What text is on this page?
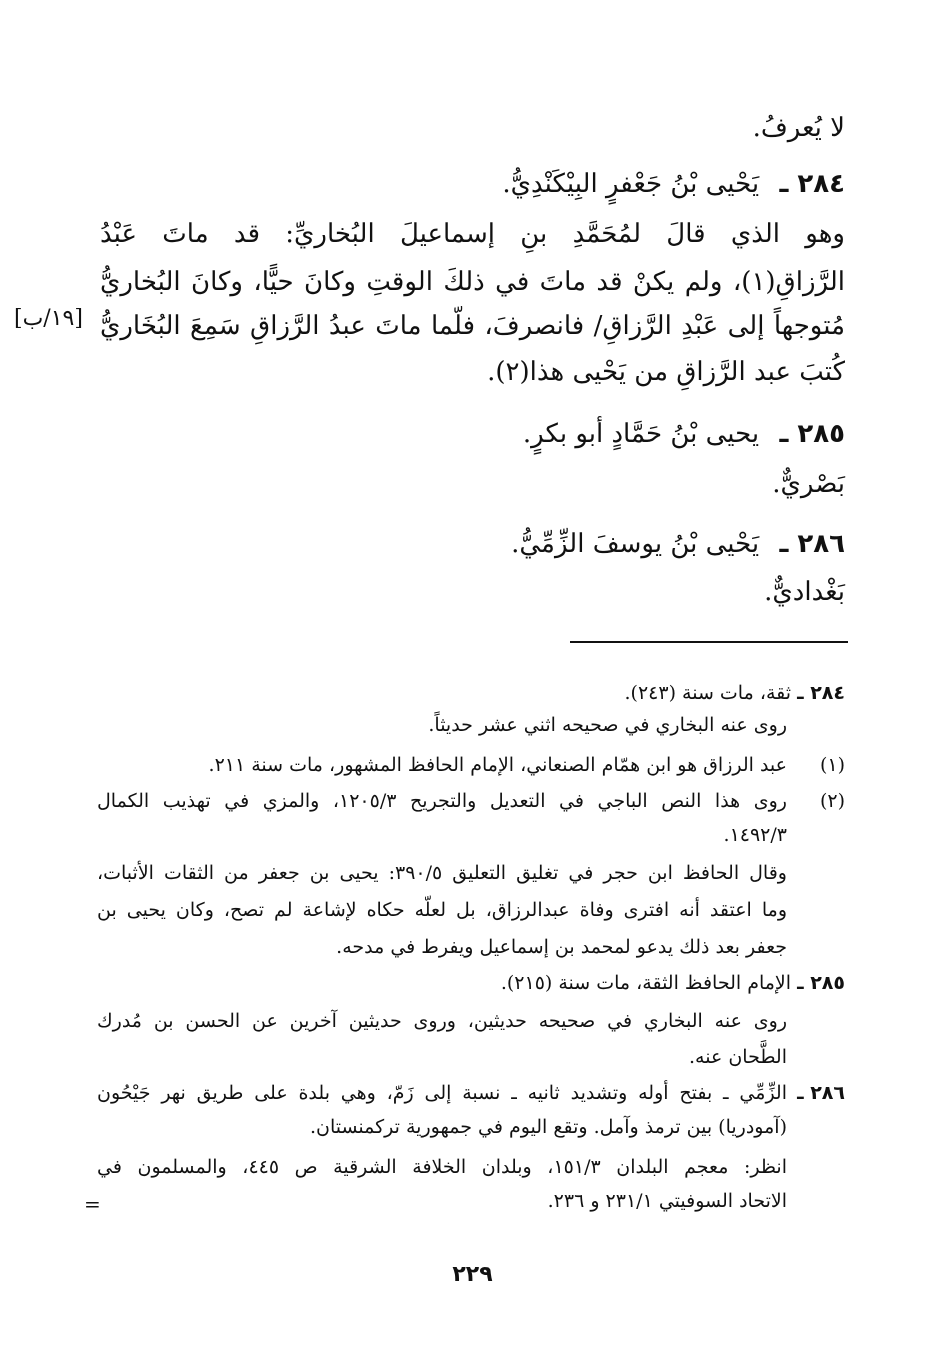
لا يُعرفُ.
٢٨٤ ـ يَحْيى بْنُ جَعْفرٍ البِيْكَنْدِيُّ.
وهو الذي قالَ لمُحَمَّدِ بنِ إسماعيلَ البُخاريِّ: قد ماتَ عَبْدُ
الرَّزاقِ(١)، ولم يكنْ قد ماتَ في ذلكَ الوقتِ وكانَ حيًّا، وكانَ البُخاريُّ
مُتوجهاً إلى عَبْدِ الرَّزاقِ/ فانصرفَ، فلّما ماتَ عبدُ الرَّزاقِ سَمِعَ البُخَاريُّ
كُتبَ عبد الرَّزاقِ من يَحْيى هذا(٢).
[١٩/ب]
٢٨٥ ـ يحيى بْنُ حَمَّادٍ أبو بكرٍ.
بَصْريٌّ.
٢٨٦ ـ يَحْيى بْنُ يوسفَ الزِّمِّيُّ.
بَغْداديٌّ.
٢٨٤ ـ ثقة، مات سنة (٢٤٣).
روى عنه البخاري في صحيحه اثني عشر حديثاً.
(١)
عبد الرزاق هو ابن همّام الصنعاني، الإمام الحافظ المشهور، مات سنة ٢١١.
(٢)
روى هذا النص الباجي في التعديل والتجريح ١٢٠٥/٣، والمزي في تهذيب الكمال
١٤٩٢/٣.
وقال الحافظ ابن حجر في تغليق التعليق ٣٩٠/٥: يحيى بن جعفر من الثقات الأثبات،
وما اعتقد أنه افترى وفاة عبدالرزاق، بل لعلّه حكاه لإشاعة لم تصح، وكان يحيى بن
جعفر بعد ذلك يدعو لمحمد بن إسماعيل ويفرط في مدحه.
٢٨٥ ـ الإمام الحافظ الثقة، مات سنة (٢١٥).
روى عنه البخاري في صحيحه حديثين، وروى حديثين آخرين عن الحسن بن مُدرك
الطَّحان عنه.
٢٨٦ ـ
الزِّمِّي ـ بفتح أوله وتشديد ثانيه ـ نسبة إلى زَمّ، وهي بلدة على طريق نهر جَيْحُون
(آمودريا) بين ترمذ وآمل. وتقع اليوم في جمهورية تركمنستان.
انظر: معجم البلدان ١٥١/٣، وبلدان الخلافة الشرقية ص ٤٤٥، والمسلمون في
الاتحاد السوفيتي ٢٣١/١ و ٢٣٦.
=
٢٢٩
